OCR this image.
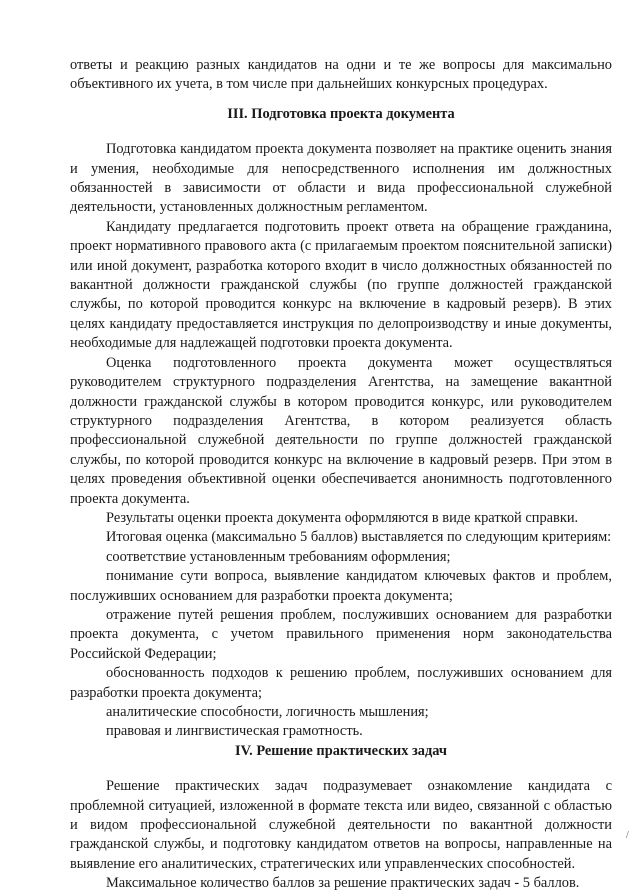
ответы и реакцию разных кандидатов на одни и те же вопросы для максимально объективного их учета, в том числе при дальнейших конкурсных процедурах.

III. Подготовка проекта документа

Подготовка кандидатом проекта документа позволяет на практике оценить знания и умения, необходимые для непосредственного исполнения им должностных обязанностей в зависимости от области и вида профессиональной служебной деятельности, установленных должностным регламентом.

Кандидату предлагается подготовить проект ответа на обращение гражданина, проект нормативного правового акта (с прилагаемым проектом пояснительной записки) или иной документ, разработка которого входит в число должностных обязанностей по вакантной должности гражданской службы (по группе должностей гражданской службы, по которой проводится конкурс на включение в кадровый резерв). В этих целях кандидату предоставляется инструкция по делопроизводству и иные документы, необходимые для надлежащей подготовки проекта документа.

Оценка подготовленного проекта документа может осуществляться руководителем структурного подразделения Агентства, на замещение вакантной должности гражданской службы в котором проводится конкурс, или руководителем структурного подразделения Агентства, в котором реализуется область профессиональной служебной деятельности по группе должностей гражданской службы, по которой проводится конкурс на включение в кадровый резерв. При этом в целях проведения объективной оценки обеспечивается анонимность подготовленного проекта документа.

Результаты оценки проекта документа оформляются в виде краткой справки.

Итоговая оценка (максимально 5 баллов) выставляется по следующим критериям:

соответствие установленным требованиям оформления;

понимание сути вопроса, выявление кандидатом ключевых фактов и проблем, послуживших основанием для разработки проекта документа;

отражение путей решения проблем, послуживших основанием для разработки проекта документа, с учетом правильного применения норм законодательства Российской Федерации;

обоснованность подходов к решению проблем, послуживших основанием для разработки проекта документа;

аналитические способности, логичность мышления;

правовая и лингвистическая грамотность.

IV. Решение практических задач

Решение практических задач подразумевает ознакомление кандидата с проблемной ситуацией, изложенной в формате текста или видео, связанной с областью и видом профессиональной служебной деятельности по вакантной должности гражданской службы, и подготовку кандидатом ответов на вопросы, направленные на выявление его аналитических, стратегических или управленческих способностей.

Максимальное количество баллов за решение практических задач - 5 баллов.

/
